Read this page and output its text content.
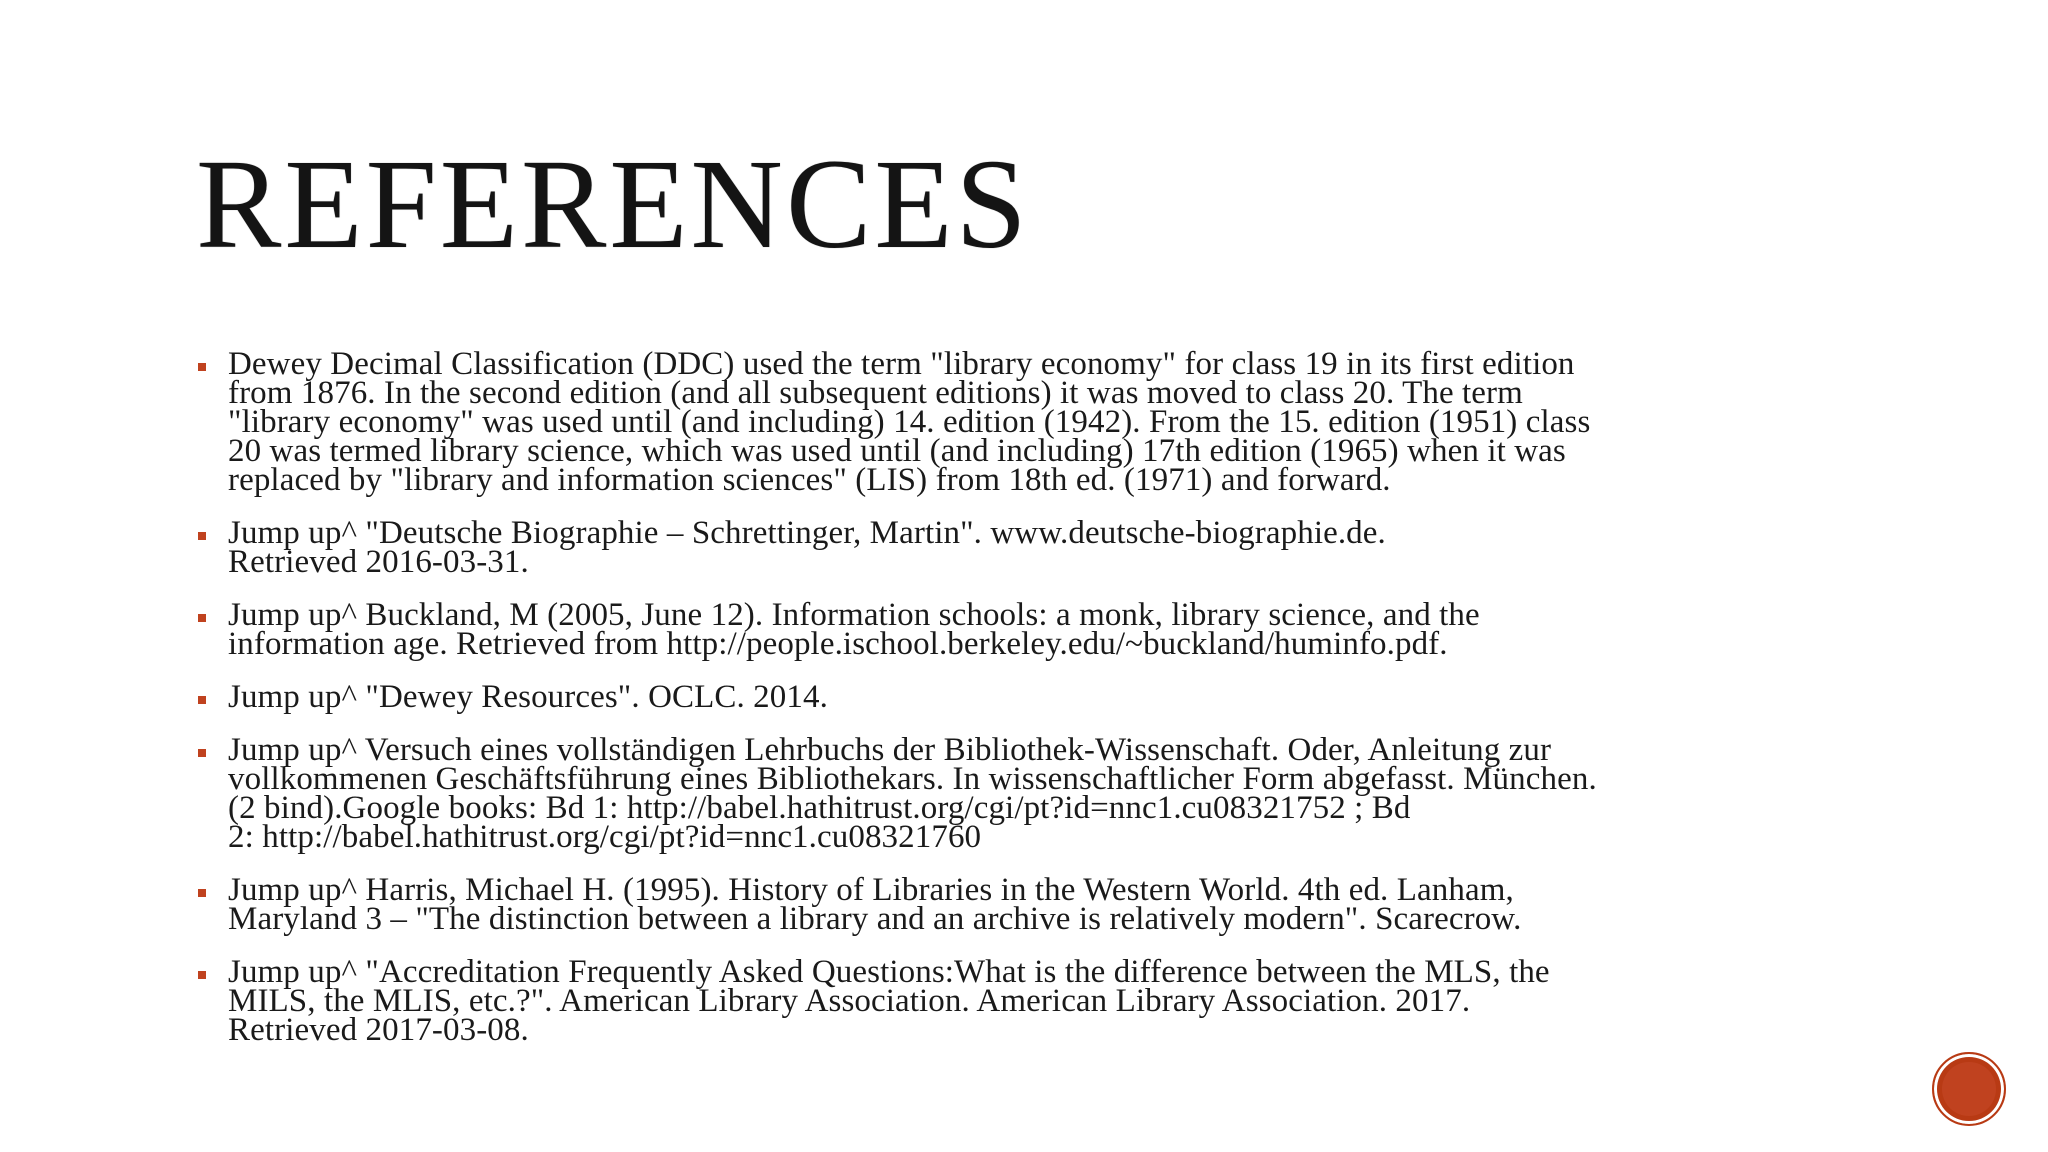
REFERENCES
Dewey Decimal Classification (DDC) used the term "library economy" for class 19 in its first edition
from 1876. In the second edition (and all subsequent editions) it was moved to class 20. The term
"library economy" was used until (and including) 14. edition (1942). From the 15. edition (1951) class
20 was termed library science, which was used until (and including) 17th edition (1965) when it was
replaced by "library and information sciences" (LIS) from 18th ed. (1971) and forward.
Jump up^ "Deutsche Biographie – Schrettinger, Martin". www.deutsche-biographie.de.
Retrieved 2016-03-31.
Jump up^ Buckland, M (2005, June 12). Information schools: a monk, library science, and the
information age. Retrieved from http://people.ischool.berkeley.edu/~buckland/huminfo.pdf.
Jump up^ "Dewey Resources". OCLC. 2014.
Jump up^ Versuch eines vollständigen Lehrbuchs der Bibliothek-Wissenschaft. Oder, Anleitung zur
vollkommenen Geschäftsführung eines Bibliothekars. In wissenschaftlicher Form abgefasst. München.
(2 bind).Google books: Bd 1: http://babel.hathitrust.org/cgi/pt?id=nnc1.cu08321752 ; Bd
2: http://babel.hathitrust.org/cgi/pt?id=nnc1.cu08321760
Jump up^ Harris, Michael H. (1995). History of Libraries in the Western World. 4th ed. Lanham,
Maryland 3 – "The distinction between a library and an archive is relatively modern". Scarecrow.
Jump up^ "Accreditation Frequently Asked Questions:What is the difference between the MLS, the
MILS, the MLIS, etc.?". American Library Association. American Library Association. 2017.
Retrieved 2017-03-08.
